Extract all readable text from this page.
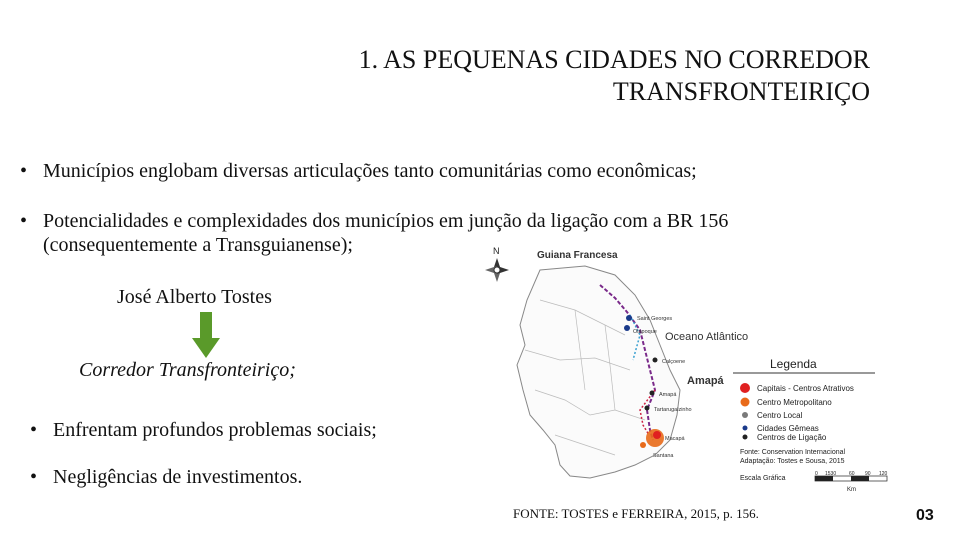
1. AS PEQUENAS CIDADES NO CORREDOR
TRANSFRONTEIRIÇO
• Municípios englobam diversas articulações tanto comunitárias como econômicas;
• Potencialidades e complexidades dos municípios em junção da ligação com a BR 156 (consequentemente a Transguianense);
José Alberto Tostes
Corredor Transfronteiriço;
• Enfrentam profundos problemas sociais;
• Negligências de investimentos.
N	Guiana Francesa
Oceano Atlântico
Amapá
Saint Georges
Oiapoque
Calçoene
Amapá
Tartarugalzinho
Macapá
Santana
Legenda
Capitais - Centros Atrativos
Centro Metropolitano
Centro Local
Cidades Gêmeas
Centros de Ligação
Fonte: Conservation Internacional
Adaptação: Tostes e Sousa, 2015
Escala Gráfica
0 1530	60 90 120
Km
FONTE: TOSTES e FERREIRA, 2015, p. 156.	03
